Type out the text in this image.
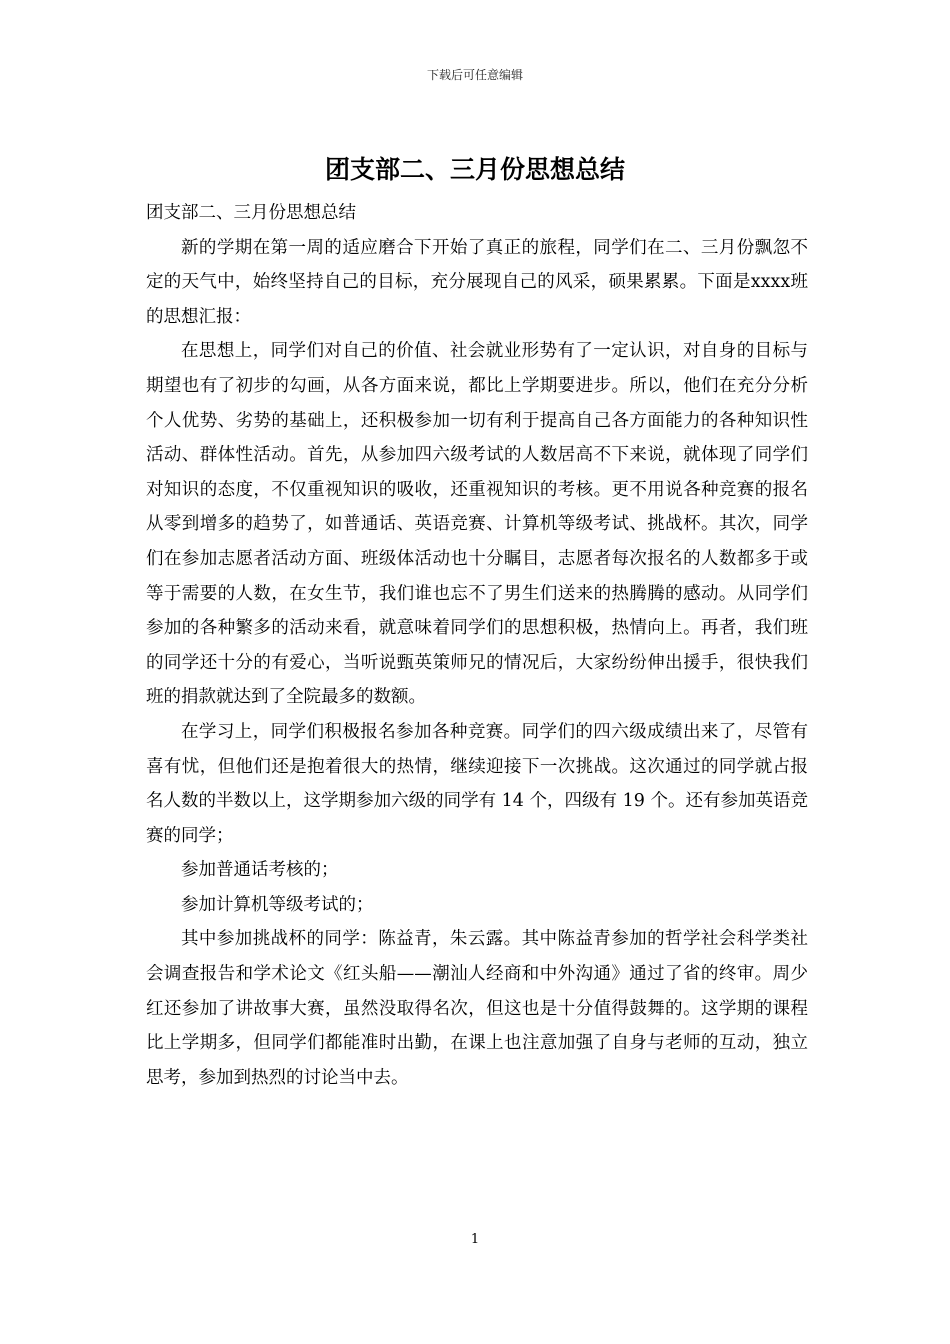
下载后可任意编辑
团支部二、三月份思想总结

团支部二、三月份思想总结

新的学期在第一周的适应磨合下开始了真正的旅程，同学们在二、三月份飘忽不定的天气中，始终坚持自己的目标，充分展现自己的风采，硕果累累。下面是xxxx班的思想汇报：

在思想上，同学们对自己的价值、社会就业形势有了一定认识，对自身的目标与期望也有了初步的勾画，从各方面来说，都比上学期要进步。所以，他们在充分分析个人优势、劣势的基础上，还积极参加一切有利于提高自己各方面能力的各种知识性活动、群体性活动。首先，从参加四六级考试的人数居高不下来说，就体现了同学们对知识的态度，不仅重视知识的吸收，还重视知识的考核。更不用说各种竞赛的报名从零到增多的趋势了，如普通话、英语竞赛、计算机等级考试、挑战杯。其次，同学们在参加志愿者活动方面、班级体活动也十分瞩目，志愿者每次报名的人数都多于或等于需要的人数，在女生节，我们谁也忘不了男生们送来的热腾腾的感动。从同学们参加的各种繁多的活动来看，就意味着同学们的思想积极，热情向上。再者，我们班的同学还十分的有爱心，当听说甄英策师兄的情况后，大家纷纷伸出援手，很快我们班的捐款就达到了全院最多的数额。

在学习上，同学们积极报名参加各种竞赛。同学们的四六级成绩出来了，尽管有喜有忧，但他们还是抱着很大的热情，继续迎接下一次挑战。这次通过的同学就占报名人数的半数以上，这学期参加六级的同学有 14 个，四级有 19 个。还有参加英语竞赛的同学；

参加普通话考核的；

参加计算机等级考试的；

其中参加挑战杯的同学：陈益青，朱云露。其中陈益青参加的哲学社会科学类社会调查报告和学术论文《红头船——潮汕人经商和中外沟通》通过了省的终审。周少红还参加了讲故事大赛，虽然没取得名次，但这也是十分值得鼓舞的。这学期的课程比上学期多，但同学们都能准时出勤，在课上也注意加强了自身与老师的互动，独立思考，参加到热烈的讨论当中去。

1
